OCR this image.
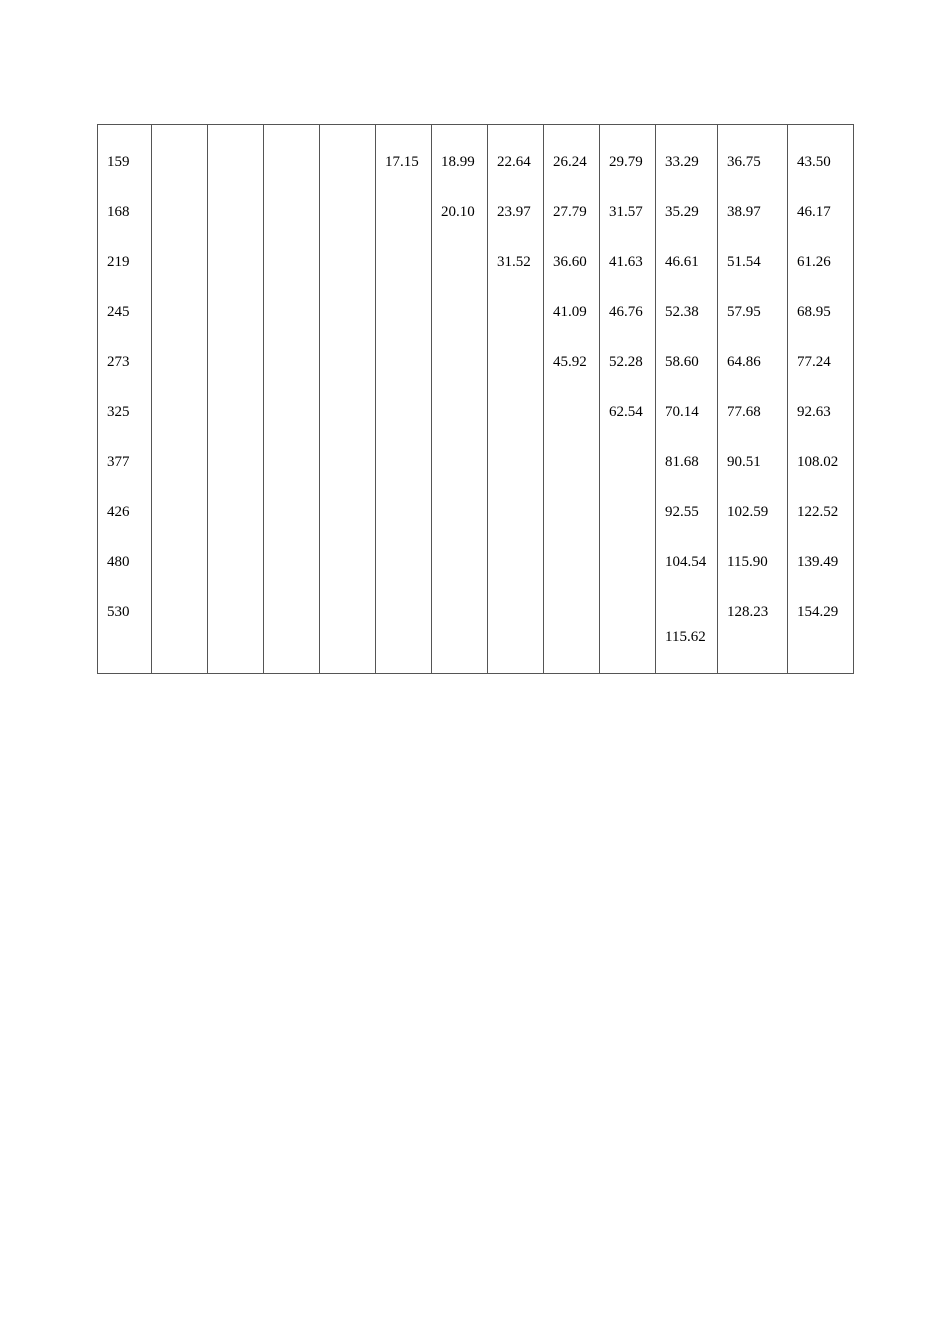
159					17.15	18.99	22.64	26.24	29.79	33.29	36.75	43.50
168						20.10	23.97	27.79	31.57	35.29	38.97	46.17
219							31.52	36.60	41.63	46.61	51.54	61.26
245								41.09	46.76	52.38	57.95	68.95
273								45.92	52.28	58.60	64.86	77.24
325									62.54	70.14	77.68	92.63
377										81.68	90.51	108.02
426										92.55	102.59	122.52
480										104.54	115.90	139.49
530										115.62	128.23	154.29
